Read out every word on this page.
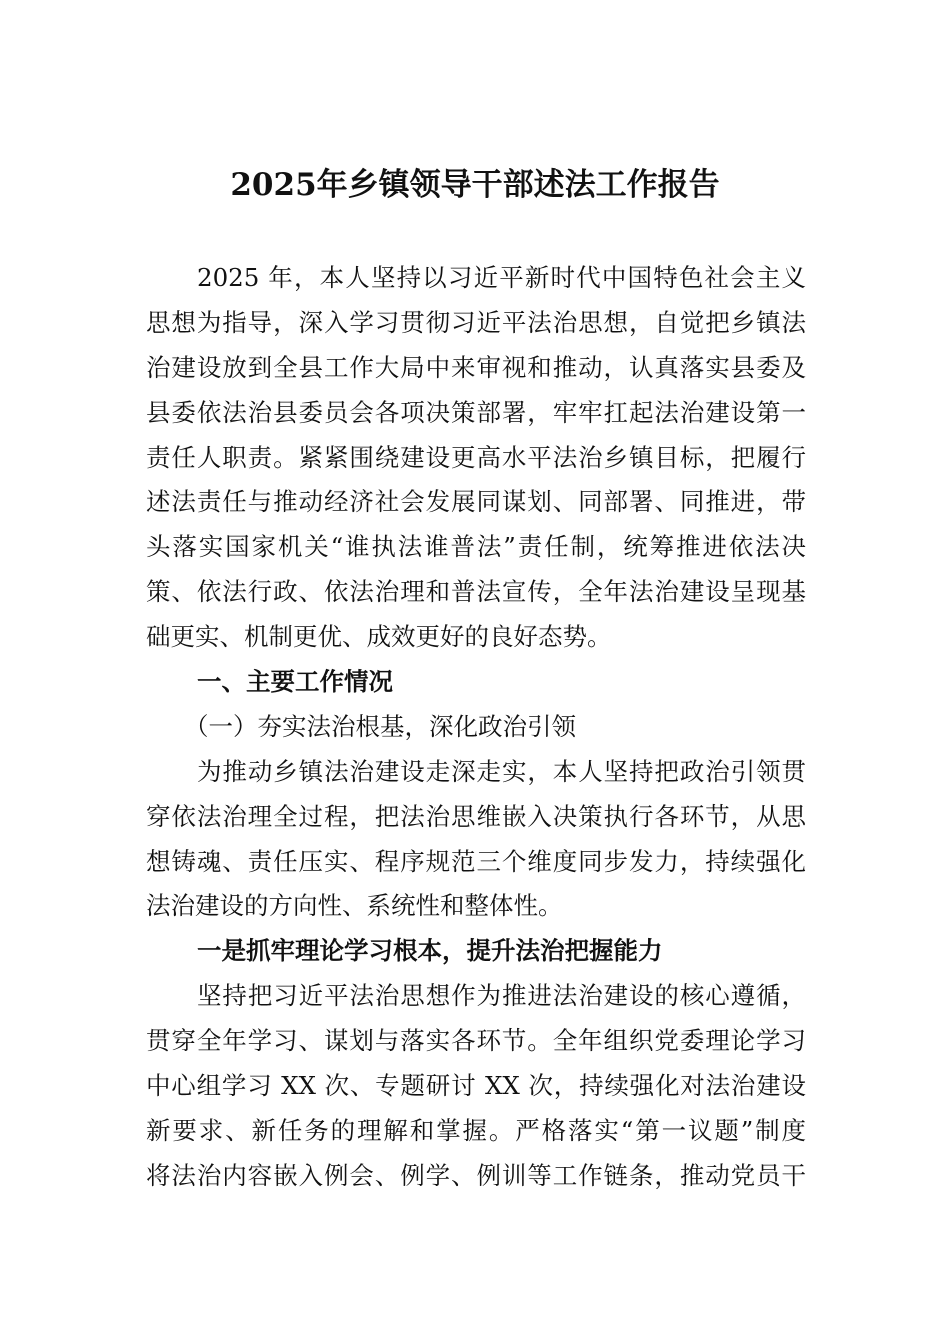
2025年乡镇领导干部述法工作报告
2025 年，本人坚持以习近平新时代中国特色社会主义
思想为指导，深入学习贯彻习近平法治思想，自觉把乡镇法
治建设放到全县工作大局中来审视和推动，认真落实县委及
县委依法治县委员会各项决策部署，牢牢扛起法治建设第一
责任人职责。紧紧围绕建设更高水平法治乡镇目标，把履行
述法责任与推动经济社会发展同谋划、同部署、同推进，带
头落实国家机关“谁执法谁普法”责任制，统筹推进依法决
策、依法行政、依法治理和普法宣传，全年法治建设呈现基
础更实、机制更优、成效更好的良好态势。
一、主要工作情况
（一）夯实法治根基，深化政治引领
为推动乡镇法治建设走深走实，本人坚持把政治引领贯
穿依法治理全过程，把法治思维嵌入决策执行各环节，从思
想铸魂、责任压实、程序规范三个维度同步发力，持续强化
法治建设的方向性、系统性和整体性。
一是抓牢理论学习根本，提升法治把握能力
坚持把习近平法治思想作为推进法治建设的核心遵循，
贯穿全年学习、谋划与落实各环节。全年组织党委理论学习
中心组学习 XX 次、专题研讨 XX 次，持续强化对法治建设
新要求、新任务的理解和掌握。严格落实“第一议题”制度
将法治内容嵌入例会、例学、例训等工作链条，推动党员干
